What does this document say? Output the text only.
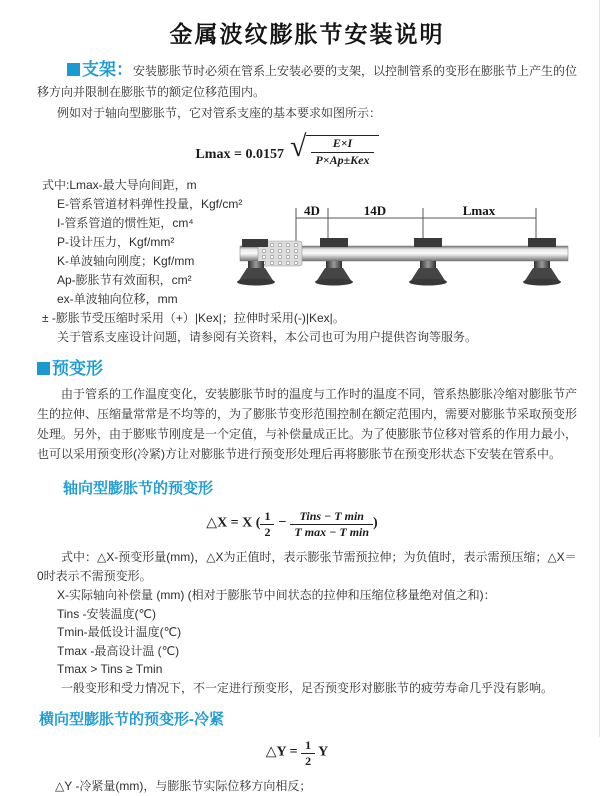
金属波纹膨胀节安装说明

支架：安装膨胀节时必须在管系上安装必要的支架，以控制管系的变形在膨胀节上产生的位移方向并限制在膨胀节的额定位移范围内。

例如对于轴向型膨胀节，它对管系支座的基本要求如图所示：

Lmax = 0.0157 √ $\frac{E\times I}{\text{P×Ap±Kex}}$
式中:Lmax-最大导向间距，m
E-管系管道材料弹性投量，Kgf/cm²
I-管系管道的惯性矩，cm⁴
P-设计压力，Kgf/mm²
K-单波轴向刚度；Kgf/mm
Ap-膨胀节有效面积，cm²
ex-单波轴向位移，mm
± -膨胀节受压缩时采用（+）|Kex|；拉伸时采用(-)|Kex|。
关于管系支座设计问题，请参阅有关资料，本公司也可为用户提供咨询等服务。
4D	14D	Lmax
预变形

由于管系的工作温度变化，安装膨胀节时的温度与工作时的温度不同，管系热膨胀冷缩对膨胀节产生的拉伸、压缩量常常是不均等的，为了膨胀节变形范围控制在额定范围内，需要对膨胀节采取预变形处理。另外，由于膨账节刚度是一个定值，与补偿量成正比。为了使膨胀节位移对管系的作用力最小，也可以采用预变形(冷紧)方让对膨胀节进行预变形处理后再将膨胀节在预变形状态下安装在管系中。

轴向型膨胀节的预变形
△X = X ( $\frac{1}{2} - \frac{\text{Tins − T min}}{\text{T max − T min}}$ )

式中：△X-预变形量(mm)，△X为正值时，表示膨张节需预拉伸；为负值时，表示需预压缩；△X＝0时表示不需预变形。

X-实际轴向补偿量 (mm) (相对于膨胀节中间状态的拉伸和压缩位移量绝对值之和)：
Tins -安装温度(℃)
Tmin-最低设计温度(℃)
Tmax -最高设计温 (℃)
Tmax > Tins ≥ Tmin

一般变形和受力情况下，不一定进行预变形，足否预变形对膨胀节的疲劳寿命几乎没有影响。

横向型膨胀节的预变形-冷紧
△Y = $\frac{1}{2}$ Y

△Y -冷紧量(mm)，与膨胀节实际位移方向相反；
